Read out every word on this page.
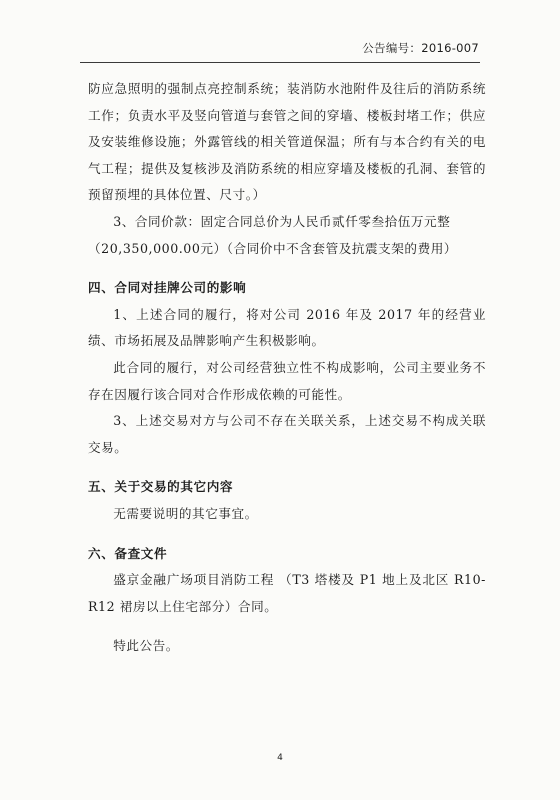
公告编号：2016-007

防应急照明的强制点亮控制系统；装消防水池附件及往后的消防系统工作；负责水平及竖向管道与套管之间的穿墙、楼板封堵工作；供应及安装维修设施；外露管线的相关管道保温；所有与本合约有关的电气工程；提供及复核涉及消防系统的相应穿墙及楼板的孔洞、套管的预留预埋的具体位置、尺寸。）

3、合同价款：固定合同总价为人民币贰仟零叁拾伍万元整

（20,350,000.00元）（合同价中不含套管及抗震支架的费用）

四、合同对挂牌公司的影响

1、上述合同的履行，将对公司 2016 年及 2017 年的经营业绩、市场拓展及品牌影响产生积极影响。

此合同的履行，对公司经营独立性不构成影响，公司主要业务不存在因履行该合同对合作形成依赖的可能性。

3、上述交易对方与公司不存在关联关系，上述交易不构成关联交易。

五、关于交易的其它内容

无需要说明的其它事宜。

六、备查文件

盛京金融广场项目消防工程 （T3 塔楼及 P1 地上及北区 R10-R12 裙房以上住宅部分）合同。

特此公告。

4
